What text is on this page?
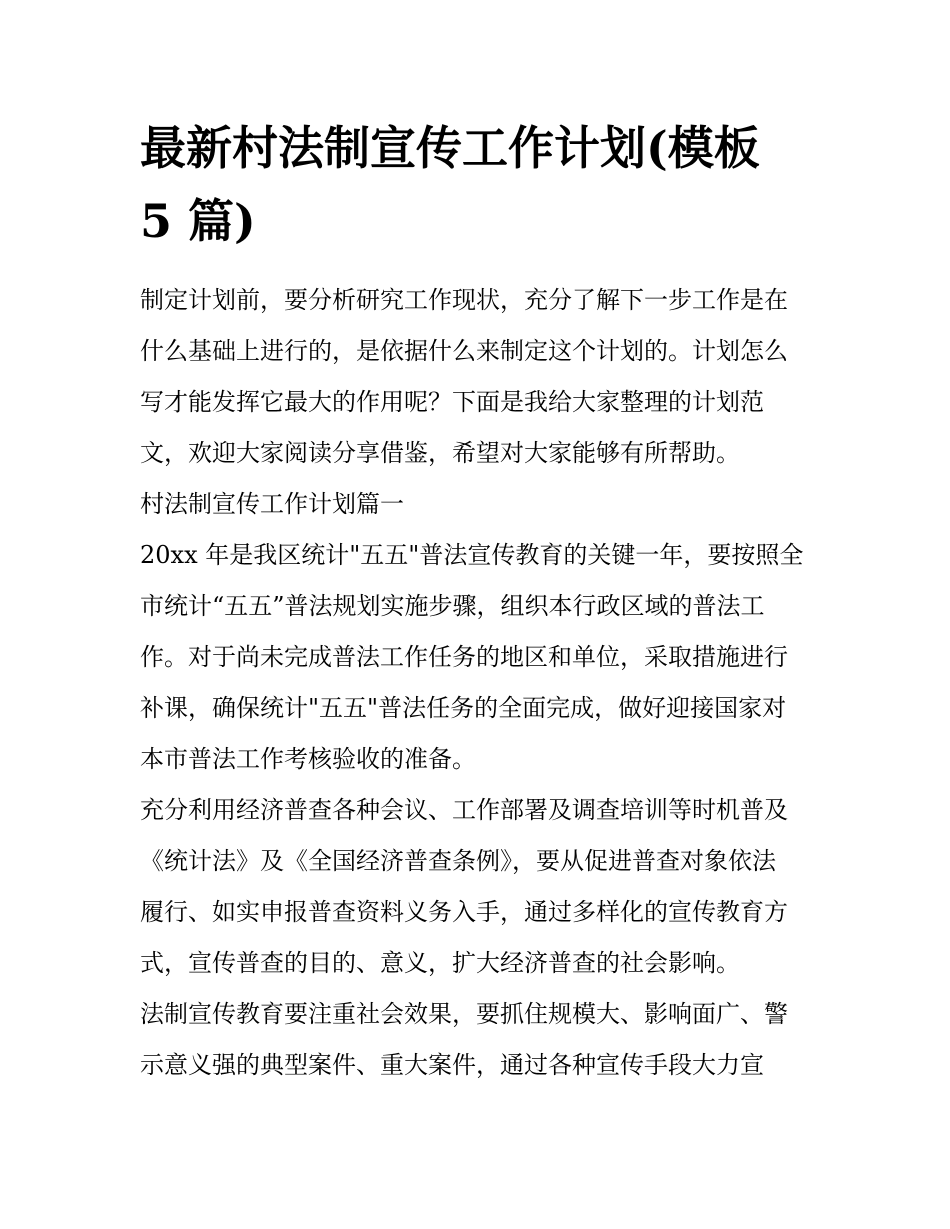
最新村法制宣传工作计划(模板
5 篇)

制定计划前，要分析研究工作现状，充分了解下一步工作是在
什么基础上进行的，是依据什么来制定这个计划的。计划怎么
写才能发挥它最大的作用呢？下面是我给大家整理的计划范
文，欢迎大家阅读分享借鉴，希望对大家能够有所帮助。

村法制宣传工作计划篇一

20xx 年是我区统计"五五"普法宣传教育的关键一年，要按照全
市统计“五五”普法规划实施步骤，组织本行政区域的普法工
作。对于尚未完成普法工作任务的地区和单位，采取措施进行
补课，确保统计"五五"普法任务的全面完成，做好迎接国家对
本市普法工作考核验收的准备。

充分利用经济普查各种会议、工作部署及调查培训等时机普及
《统计法》及《全国经济普查条例》，要从促进普查对象依法
履行、如实申报普查资料义务入手，通过多样化的宣传教育方
式，宣传普查的目的、意义，扩大经济普查的社会影响。

法制宣传教育要注重社会效果，要抓住规模大、影响面广、警
示意义强的典型案件、重大案件，通过各种宣传手段大力宣
